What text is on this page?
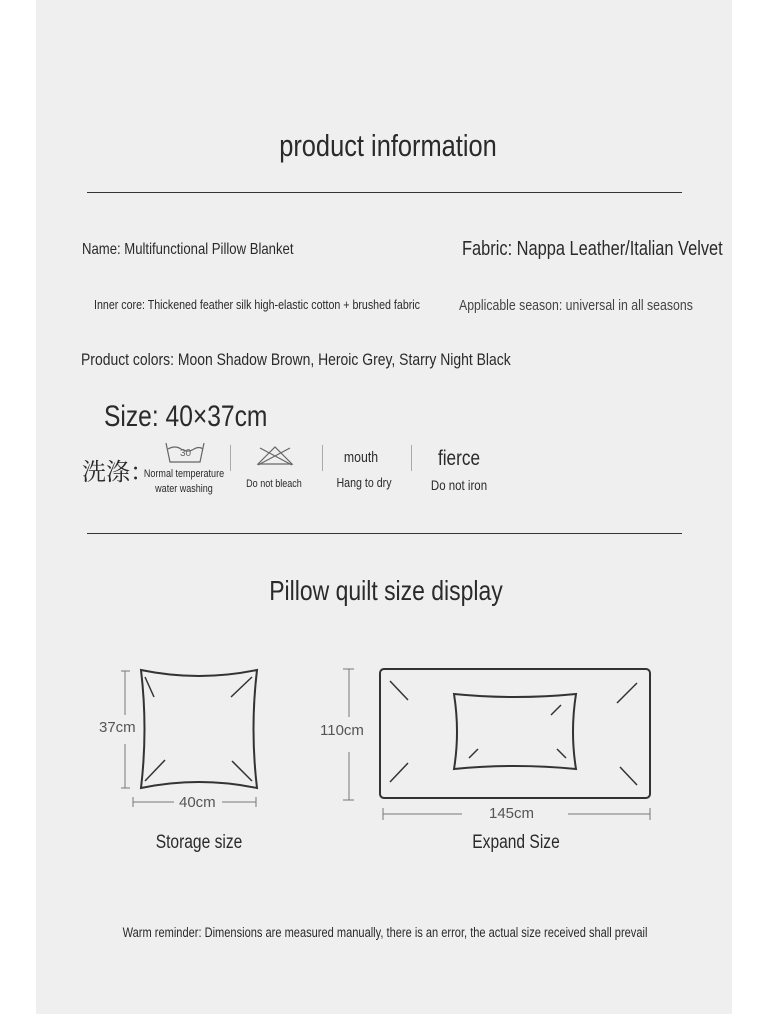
product information
Name: Multifunctional Pillow Blanket	Fabric: Nappa Leather/Italian Velvet
Inner core: Thickened feather silk high-elastic cotton + brushed fabric	Applicable season: universal in all seasons
Product colors: Moon Shadow Brown, Heroic Grey, Starry Night Black
Size: 40×37cm
洗涤：
30
Normal temperature
water washing	Do not bleach
mouth
Hang to dry
fierce
Do not iron
Pillow quilt size display
37cm
40cm
110cm
145cm
Storage size	Expand Size
Warm reminder: Dimensions are measured manually, there is an error, the actual size received shall prevail
